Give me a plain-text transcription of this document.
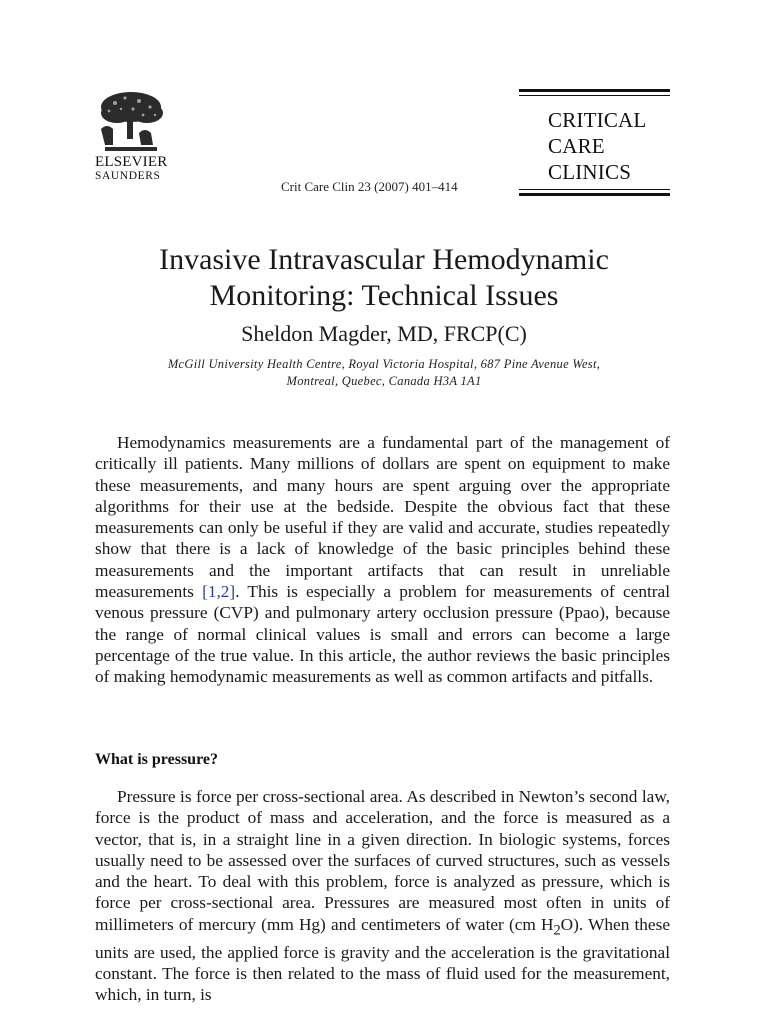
ELSEVIER
SAUNDERS
Crit Care Clin 23 (2007) 401–414
CRITICAL
CARE
CLINICS
Invasive Intravascular Hemodynamic
Monitoring: Technical Issues
Sheldon Magder, MD, FRCP(C)
McGill University Health Centre, Royal Victoria Hospital, 687 Pine Avenue West,
Montreal, Quebec, Canada H3A 1A1

Hemodynamics measurements are a fundamental part of the management of critically ill patients. Many millions of dollars are spent on equipment to make these measurements, and many hours are spent arguing over the appropriate algorithms for their use at the bedside. Despite the obvious fact that these measurements can only be useful if they are valid and accurate, studies repeatedly show that there is a lack of knowledge of the basic principles behind these measurements and the important artifacts that can result in unreliable measurements [1,2]. This is especially a problem for measurements of central venous pressure (CVP) and pulmonary artery occlusion pressure (Ppao), because the range of normal clinical values is small and errors can become a large percentage of the true value. In this article, the author reviews the basic principles of making hemodynamic measurements as well as common artifacts and pitfalls.

What is pressure?

Pressure is force per cross-sectional area. As described in Newton’s second law, force is the product of mass and acceleration, and the force is measured as a vector, that is, in a straight line in a given direction. In biologic systems, forces usually need to be assessed over the surfaces of curved structures, such as vessels and the heart. To deal with this problem, force is analyzed as pressure, which is force per cross-sectional area. Pressures are measured most often in units of millimeters of mercury (mm Hg) and centimeters of water (cm $H_2O$). When these units are used, the applied force is gravity and the acceleration is the gravitational constant. The force is then related to the mass of fluid used for the measurement, which, in turn, is
